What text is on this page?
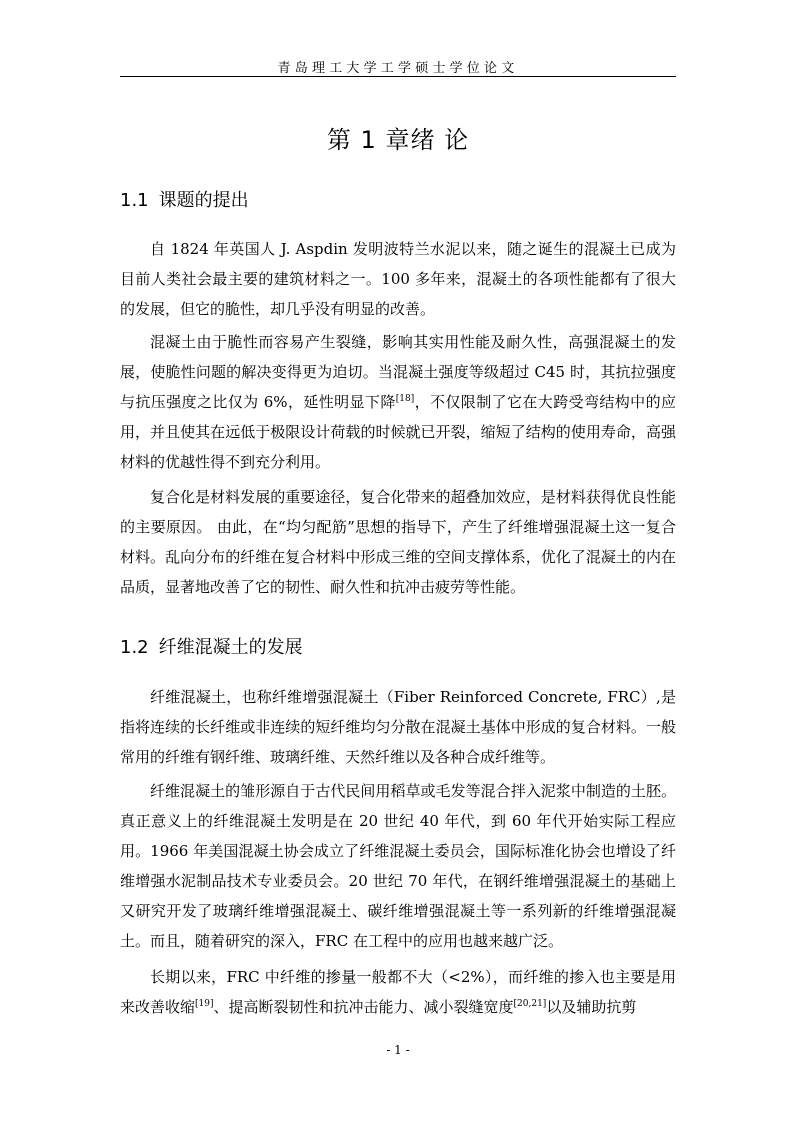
青岛理工大学工学硕士学位论文
第 1 章绪 论
1.1 课题的提出
自 1824 年英国人 J. Aspdin 发明波特兰水泥以来，随之诞生的混凝土已成为目前人类社会最主要的建筑材料之一。100 多年来，混凝土的各项性能都有了很大的发展，但它的脆性，却几乎没有明显的改善。
混凝土由于脆性而容易产生裂缝，影响其实用性能及耐久性，高强混凝土的发展，使脆性问题的解决变得更为迫切。当混凝土强度等级超过 C45 时，其抗拉强度与抗压强度之比仅为 6%，延性明显下降[18]，不仅限制了它在大跨受弯结构中的应用，并且使其在远低于极限设计荷载的时候就已开裂，缩短了结构的使用寿命，高强材料的优越性得不到充分利用。
复合化是材料发展的重要途径，复合化带来的超叠加效应，是材料获得优良性能的主要原因。 由此，在“均匀配筋”思想的指导下，产生了纤维增强混凝土这一复合材料。乱向分布的纤维在复合材料中形成三维的空间支撑体系，优化了混凝土的内在品质，显著地改善了它的韧性、耐久性和抗冲击疲劳等性能。
1.2 纤维混凝土的发展
纤维混凝土，也称纤维增强混凝土（Fiber Reinforced Concrete, FRC）,是指将连续的长纤维或非连续的短纤维均匀分散在混凝土基体中形成的复合材料。一般常用的纤维有钢纤维、玻璃纤维、天然纤维以及各种合成纤维等。
纤维混凝土的雏形源自于古代民间用稻草或毛发等混合拌入泥浆中制造的土胚。真正意义上的纤维混凝土发明是在 20 世纪 40 年代，到 60 年代开始实际工程应用。1966 年美国混凝土协会成立了纤维混凝土委员会，国际标准化协会也增设了纤维增强水泥制品技术专业委员会。20 世纪 70 年代，在钢纤维增强混凝土的基础上又研究开发了玻璃纤维增强混凝土、碳纤维增强混凝土等一系列新的纤维增强混凝土。而且，随着研究的深入，FRC 在工程中的应用也越来越广泛。
长期以来，FRC 中纤维的掺量一般都不大（<2%），而纤维的掺入也主要是用来改善收缩[19]、提高断裂韧性和抗冲击能力、减小裂缝宽度[20,21]以及辅助抗剪
- 1 -
